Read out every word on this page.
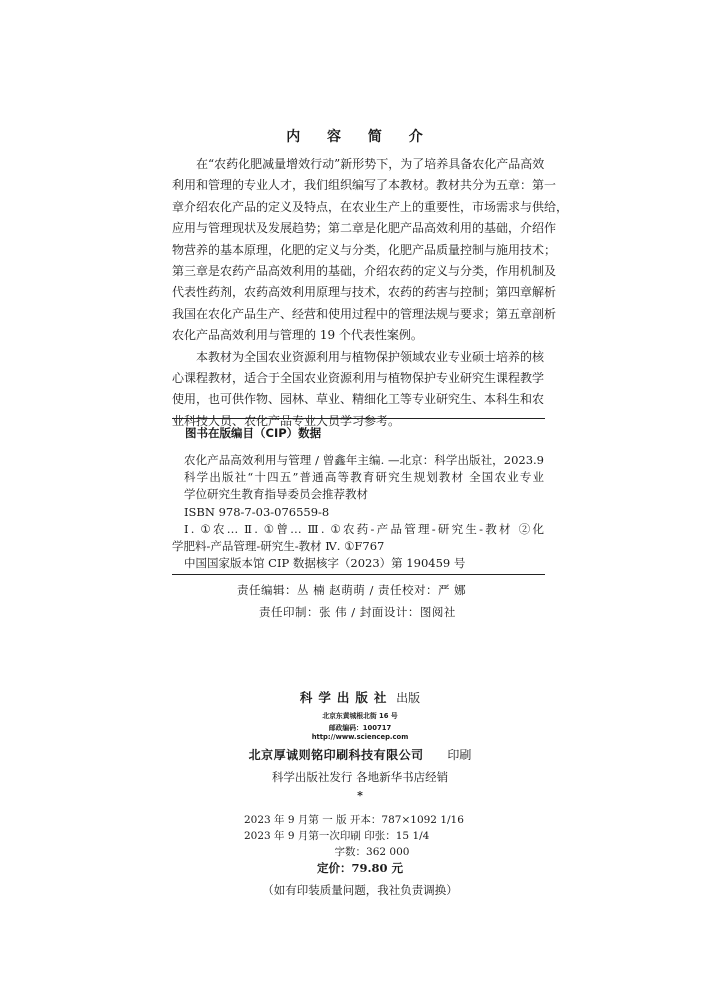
内 容 简 介
在“农药化肥减量增效行动”新形势下，为了培养具备农化产品高效
利用和管理的专业人才，我们组织编写了本教材。教材共分为五章：第一
章介绍农化产品的定义及特点，在农业生产上的重要性，市场需求与供给，
应用与管理现状及发展趋势；第二章是化肥产品高效利用的基础，介绍作
物营养的基本原理，化肥的定义与分类，化肥产品质量控制与施用技术；
第三章是农药产品高效利用的基础，介绍农药的定义与分类，作用机制及
代表性药剂，农药高效利用原理与技术，农药的药害与控制；第四章解析
我国在农化产品生产、经营和使用过程中的管理法规与要求；第五章剖析
农化产品高效利用与管理的 19 个代表性案例。
本教材为全国农业资源利用与植物保护领域农业专业硕士培养的核
心课程教材，适合于全国农业资源利用与植物保护专业研究生课程教学
使用，也可供作物、园林、草业、精细化工等专业研究生、本科生和农
业科技人员、农化产品专业人员学习参考。
图书在版编目（CIP）数据
农化产品高效利用与管理 / 曾鑫年主编. —北京：科学出版社，2023.9
科学出版社“十四五”普通高等教育研究生规划教材 全国农业专业
学位研究生教育指导委员会推荐教材
ISBN 978-7-03-076559-8
Ⅰ. ①农… Ⅱ. ①曾… Ⅲ. ①农药-产品管理-研究生-教材 ②化
学肥料-产品管理-研究生-教材 Ⅳ. ①F767
中国国家版本馆 CIP 数据核字（2023）第 190459 号
责任编辑：丛 楠 赵萌萌 / 责任校对：严 娜
责任印制：张 伟 / 封面设计：图阅社
科学出版社 出版
北京东黄城根北街 16 号
邮政编码：100717
http://www.sciencep.com
北京厚诚则铭印刷科技有限公司 印刷
科学出版社发行 各地新华书店经销
*
2023 年 9 月第 一 版 开本：787×1092 1/16
2023 年 9 月第一次印刷 印张：15 1/4
字数：362 000
定价：79.80 元
（如有印装质量问题，我社负责调换）
